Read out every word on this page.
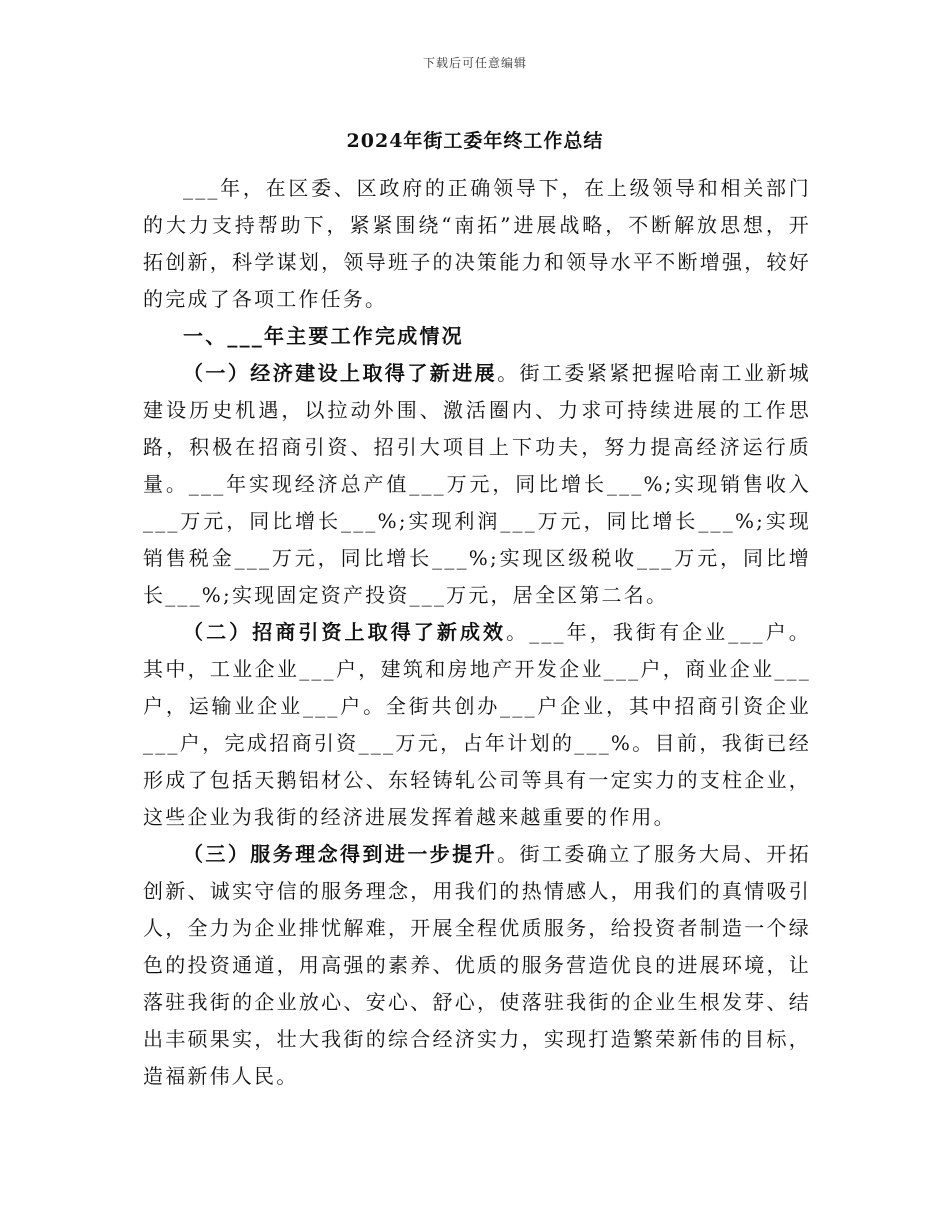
下载后可任意编辑
2024年街工委年终工作总结

___年，在区委、区政府的正确领导下，在上级领导和相关部门的大力支持帮助下，紧紧围绕“南拓”进展战略，不断解放思想，开拓创新，科学谋划，领导班子的决策能力和领导水平不断增强，较好的完成了各项工作任务。

一、___年主要工作完成情况

（一）经济建设上取得了新进展。街工委紧紧把握哈南工业新城建设历史机遇，以拉动外围、激活圈内、力求可持续进展的工作思路，积极在招商引资、招引大项目上下功夫，努力提高经济运行质量。___年实现经济总产值___万元，同比增长___%;实现销售收入___万元，同比增长___%;实现利润___万元，同比增长___%;实现销售税金___万元，同比增长___%;实现区级税收___万元，同比增长___%;实现固定资产投资___万元，居全区第二名。

（二）招商引资上取得了新成效。___年，我街有企业___户。其中，工业企业___户，建筑和房地产开发企业___户，商业企业___户，运输业企业___户。全街共创办___户企业，其中招商引资企业___户，完成招商引资___万元，占年计划的___%。目前，我街已经形成了包括天鹅铝材公、东轻铸轧公司等具有一定实力的支柱企业，这些企业为我街的经济进展发挥着越来越重要的作用。

（三）服务理念得到进一步提升。街工委确立了服务大局、开拓创新、诚实守信的服务理念，用我们的热情感人，用我们的真情吸引人，全力为企业排忧解难，开展全程优质服务，给投资者制造一个绿色的投资通道，用高强的素养、优质的服务营造优良的进展环境，让落驻我街的企业放心、安心、舒心，使落驻我街的企业生根发芽、结出丰硕果实，壮大我街的综合经济实力，实现打造繁荣新伟的目标，造福新伟人民。
